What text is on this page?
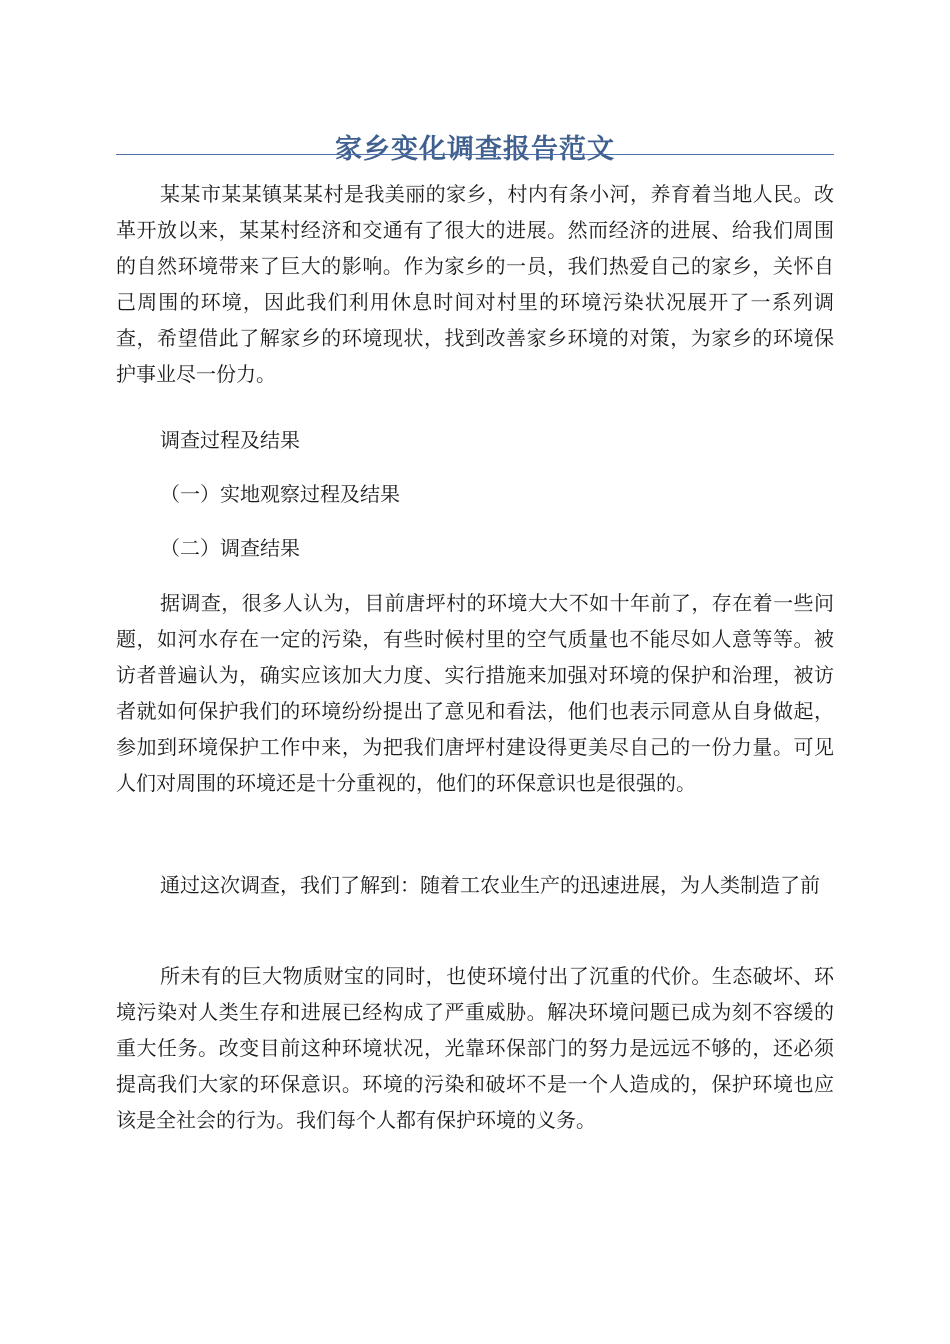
家乡变化调查报告范文

某某市某某镇某某村是我美丽的家乡，村内有条小河，养育着当地人民。改革开放以来，某某村经济和交通有了很大的进展。然而经济的进展、给我们周围的自然环境带来了巨大的影响。作为家乡的一员，我们热爱自己的家乡，关怀自己周围的环境，因此我们利用休息时间对村里的环境污染状况展开了一系列调查，希望借此了解家乡的环境现状，找到改善家乡环境的对策，为家乡的环境保护事业尽一份力。

调查过程及结果

（一）实地观察过程及结果

（二）调查结果

据调查，很多人认为，目前唐坪村的环境大大不如十年前了，存在着一些问题，如河水存在一定的污染，有些时候村里的空气质量也不能尽如人意等等。被访者普遍认为，确实应该加大力度、实行措施来加强对环境的保护和治理，被访者就如何保护我们的环境纷纷提出了意见和看法，他们也表示同意从自身做起，参加到环境保护工作中来，为把我们唐坪村建设得更美尽自己的一份力量。可见人们对周围的环境还是十分重视的，他们的环保意识也是很强的。

通过这次调查，我们了解到：随着工农业生产的迅速进展，为人类制造了前

所未有的巨大物质财宝的同时，也使环境付出了沉重的代价。生态破坏、环境污染对人类生存和进展已经构成了严重威胁。解决环境问题已成为刻不容缓的重大任务。改变目前这种环境状况，光靠环保部门的努力是远远不够的，还必须提高我们大家的环保意识。环境的污染和破坏不是一个人造成的，保护环境也应该是全社会的行为。我们每个人都有保护环境的义务。
